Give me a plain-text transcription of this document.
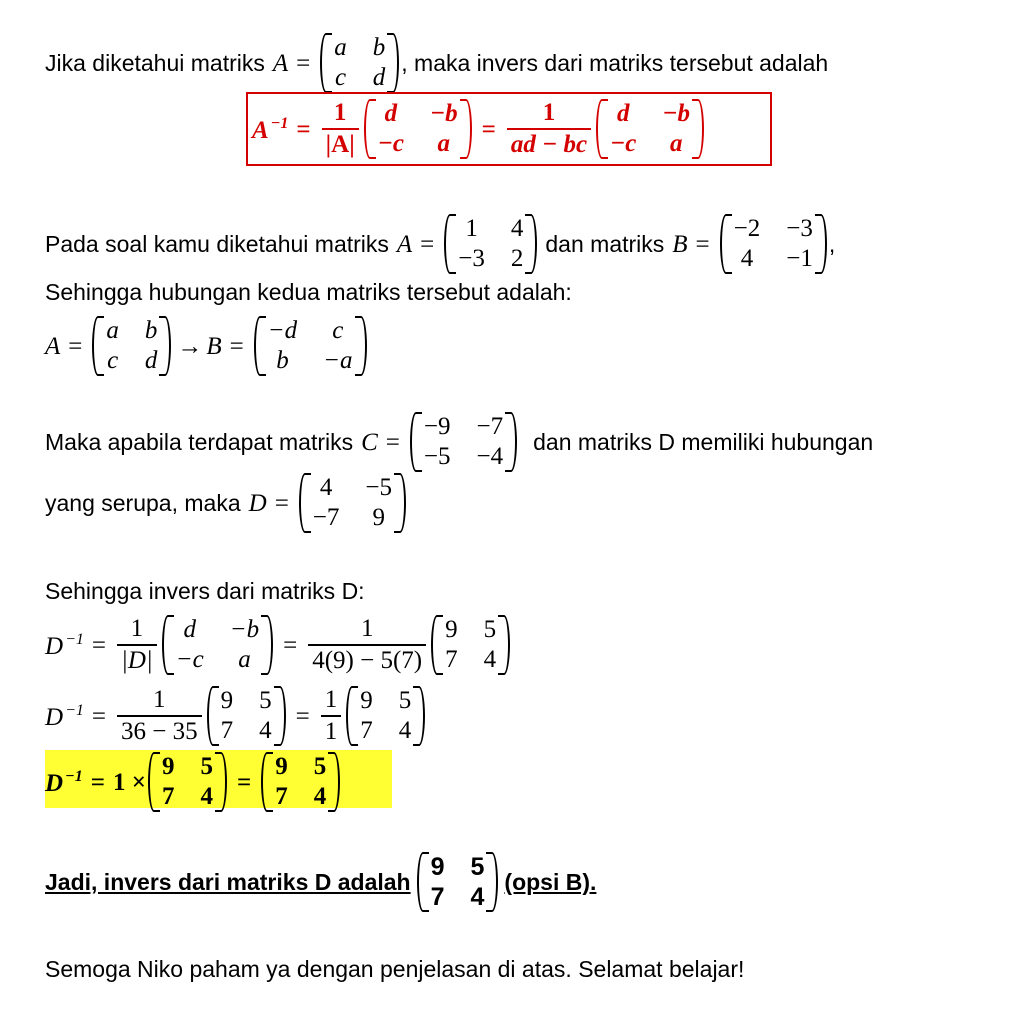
Jika diketahui matriks A =
a b
c d
, maka invers dari matriks tersebut adalah
A $^{-1} = \frac{1}{|A|}$ d −b
−c	a
= $\frac{1}{ad - bc}$ d −b
−c	a
Pada soal kamu diketahui matriks A =
1 4
−3 2
dan matriks B =
−2 −3
4 −1
,
Sehingga hubungan kedua matriks tersebut adalah:
A =
a b
c d
→ B =
−d	c
b	−a
Maka apabila terdapat matriks C =
−9 −7
−5 −4
dan matriks D memiliki hubungan
yang serupa, maka D =
4 −5
−7 9
Sehingga invers dari matriks D:
D $^{-1} = \frac{1}{|D|}$	d	−b
−c	a
= $\frac{1}{4(9) - 5(7)} 9$ 5
7 4
D $^{-1} = \frac{1}{36 - 35} 9$ 5
7 4
= $\frac{1}{1} 9$ 5
7 4
D $^{-1}$ = 1 ×
9 5
7 4
=
9 5
7 4
Jadi, invers dari matriks D adalah
9 5
7 4
(opsi B).
Semoga Niko paham ya dengan penjelasan di atas. Selamat belajar!
